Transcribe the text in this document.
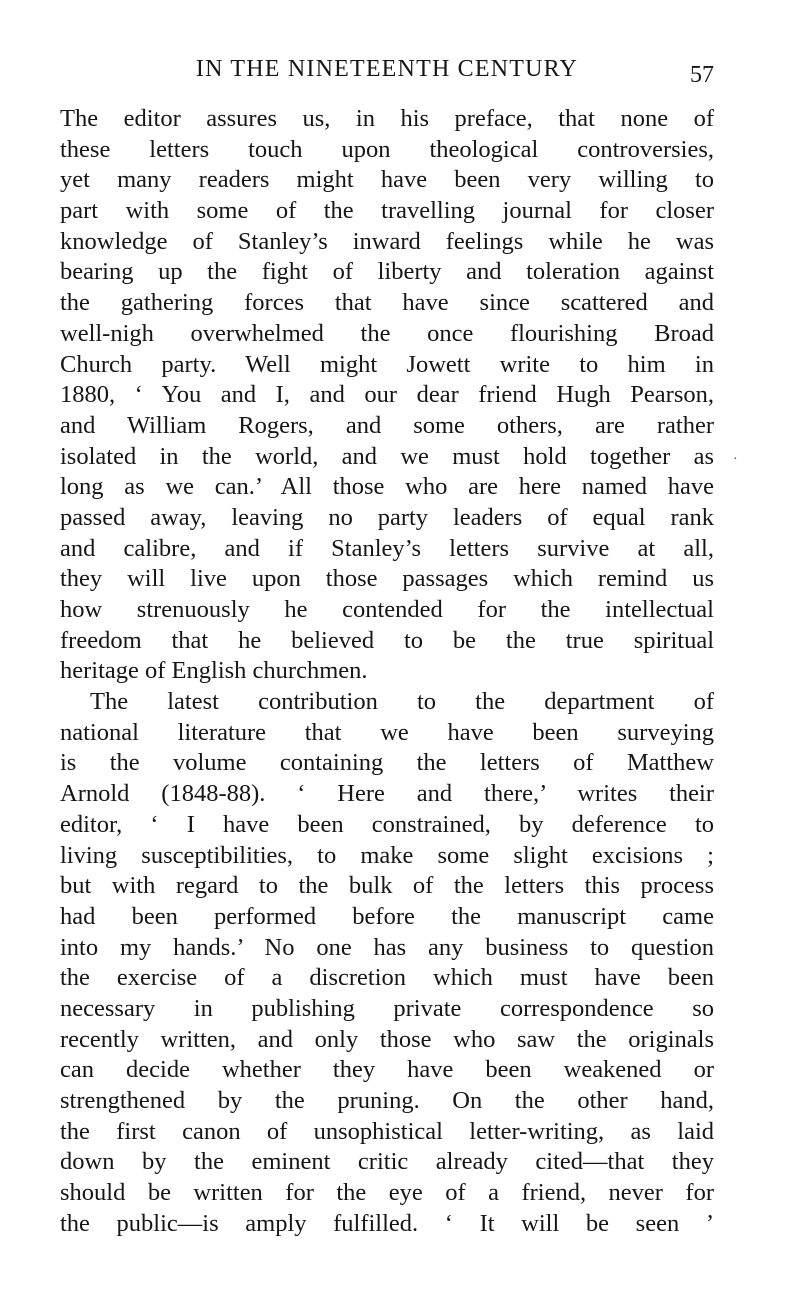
IN THE NINETEENTH CENTURY	57
·
The editor assures us, in his preface, that none of
these letters touch upon theological controversies,
yet many readers might have been very willing to
part with some of the travelling journal for closer
knowledge of Stanley’s inward feelings while he was
bearing up the fight of liberty and toleration against
the gathering forces that have since scattered and
well-nigh overwhelmed the once flourishing Broad
Church party. Well might Jowett write to him in
1880, ‘ You and I, and our dear friend Hugh Pearson,
and William Rogers, and some others, are rather
isolated in the world, and we must hold together as
long as we can.’ All those who are here named have
passed away, leaving no party leaders of equal rank
and calibre, and if Stanley’s letters survive at all,
they will live upon those passages which remind us
how strenuously he contended for the intellectual
freedom that he believed to be the true spiritual
heritage of English churchmen.
The latest contribution to the department of
national literature that we have been surveying
is the volume containing the letters of Matthew
Arnold (1848-88). ‘ Here and there,’ writes their
editor, ‘ I have been constrained, by deference to
living susceptibilities, to make some slight excisions ;
but with regard to the bulk of the letters this process
had been performed before the manuscript came
into my hands.’ No one has any business to question
the exercise of a discretion which must have been
necessary in publishing private correspondence so
recently written, and only those who saw the originals
can decide whether they have been weakened or
strengthened by the pruning. On the other hand,
the first canon of unsophistical letter-writing, as laid
down by the eminent critic already cited—that they
should be written for the eye of a friend, never for
the public—is amply fulfilled. ‘ It will be seen ’
